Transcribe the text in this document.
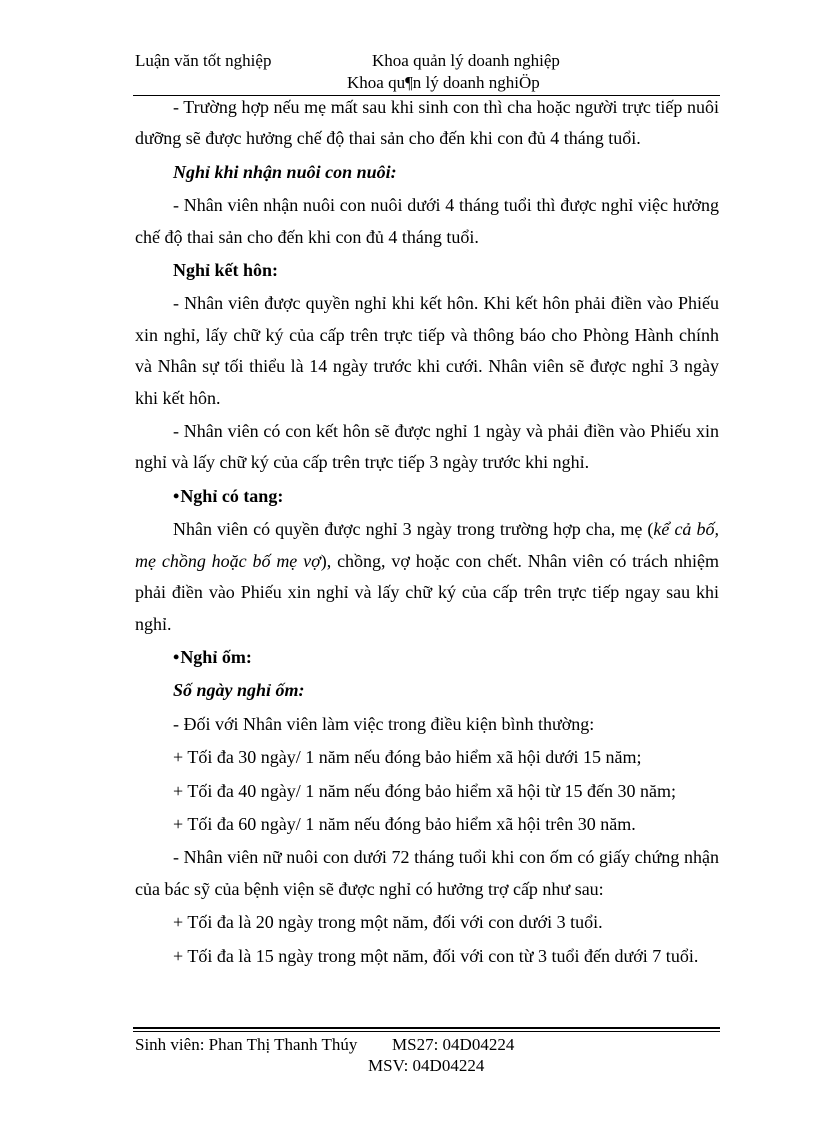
Luận văn tốt nghiệp	Khoa quản lý doanh nghiệp
Khoa qu¶n lý doanh nghiÖp

- Trường hợp nếu mẹ mất sau khi sinh con thì cha hoặc người trực tiếp nuôi dưỡng sẽ được hưởng chế độ thai sản cho đến khi con đủ 4 tháng tuổi.

Nghỉ khi nhận nuôi con nuôi:

- Nhân viên nhận nuôi con nuôi dưới 4 tháng tuổi thì được nghỉ việc hưởng chế độ thai sản cho đến khi con đủ 4 tháng tuổi.

Nghỉ kết hôn:

- Nhân viên được quyền nghỉ khi kết hôn. Khi kết hôn phải điền vào Phiếu xin nghỉ, lấy chữ ký của cấp trên trực tiếp và thông báo cho Phòng Hành chính và Nhân sự tối thiểu là 14 ngày trước khi cưới. Nhân viên sẽ được nghỉ 3 ngày khi kết hôn.

- Nhân viên có con kết hôn sẽ được nghỉ 1 ngày và phải điền vào Phiếu xin nghỉ và lấy chữ ký của cấp trên trực tiếp 3 ngày trước khi nghỉ.

• Nghỉ có tang:

Nhân viên có quyền được nghỉ 3 ngày trong trường hợp cha, mẹ (kể cả bố, mẹ chồng hoặc bố mẹ vợ), chồng, vợ hoặc con chết. Nhân viên có trách nhiệm phải điền vào Phiếu xin nghỉ và lấy chữ ký của cấp trên trực tiếp ngay sau khi nghỉ.

• Nghỉ ốm:

Số ngày nghỉ ốm:

- Đối với Nhân viên làm việc trong điều kiện bình thường:

+ Tối đa 30 ngày/ 1 năm nếu đóng bảo hiểm xã hội dưới 15 năm;

+ Tối đa 40 ngày/ 1 năm nếu đóng bảo hiểm xã hội từ 15 đến 30 năm;

+ Tối đa 60 ngày/ 1 năm nếu đóng bảo hiểm xã hội trên 30 năm.

- Nhân viên nữ nuôi con dưới 72 tháng tuổi khi con ốm có giấy chứng nhận của bác sỹ của bệnh viện sẽ được nghỉ có hưởng trợ cấp như sau:

+ Tối đa là 20 ngày trong một năm, đối với con dưới 3 tuổi.

+ Tối đa là 15 ngày trong một năm, đối với con từ 3 tuổi đến dưới 7 tuổi.

Sinh viên: Phan Thị Thanh Thúy MS27: 04D04224
MSV: 04D04224
